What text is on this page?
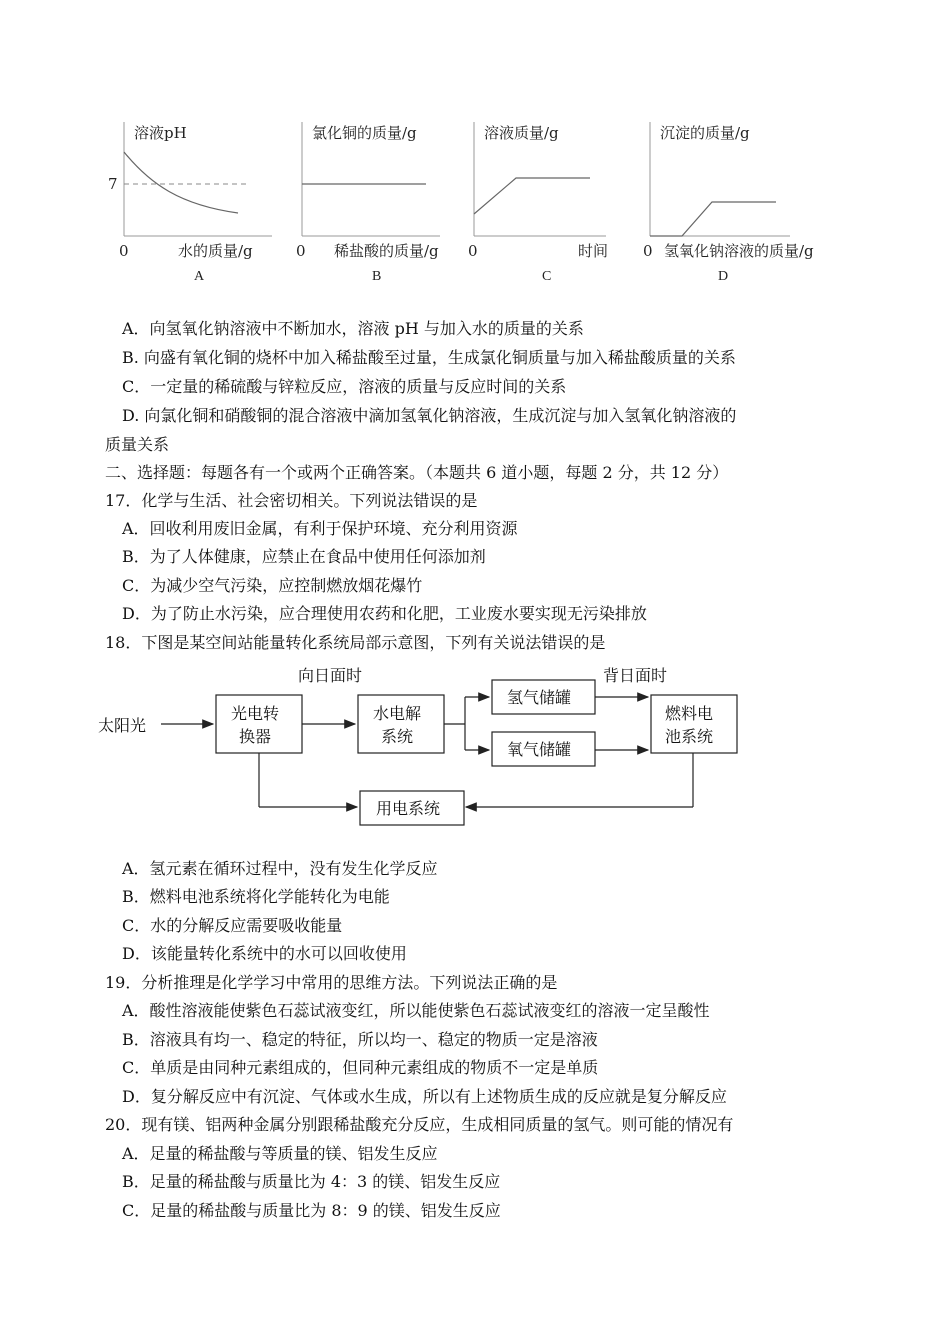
溶液pH
7
0	水的质量/g
A
氯化铜的质量/g
0 稀盐酸的质量/g
B
溶液质量/g
0	时间
C
沉淀的质量/g
0 氢氧化钠溶液的质量/g
D
A．向氢氧化钠溶液中不断加水，溶液 pH 与加入水的质量的关系
B. 向盛有氧化铜的烧杯中加入稀盐酸至过量，生成氯化铜质量与加入稀盐酸质量的关系
C．一定量的稀硫酸与锌粒反应，溶液的质量与反应时间的关系
D. 向氯化铜和硝酸铜的混合溶液中滴加氢氧化钠溶液，生成沉淀与加入氢氧化钠溶液的
质量关系
二、选择题：每题各有一个或两个正确答案。（本题共 6 道小题，每题 2 分，共 12 分）
17．化学与生活、社会密切相关。下列说法错误的是
A．回收利用废旧金属，有利于保护环境、充分利用资源
B．为了人体健康，应禁止在食品中使用任何添加剂
C．为减少空气污染，应控制燃放烟花爆竹
D．为了防止水污染，应合理使用农药和化肥，工业废水要实现无污染排放
18．下图是某空间站能量转化系统局部示意图，下列有关说法错误的是
向日面时	背日面时
太阳光
光电转
换器
水电解
系统
氢气储罐
氧气储罐
燃料电
池系统
用电系统
A．氢元素在循环过程中，没有发生化学反应
B．燃料电池系统将化学能转化为电能
C．水的分解反应需要吸收能量
D．该能量转化系统中的水可以回收使用
19．分析推理是化学学习中常用的思维方法。下列说法正确的是
A．酸性溶液能使紫色石蕊试液变红，所以能使紫色石蕊试液变红的溶液一定呈酸性
B．溶液具有均一、稳定的特征，所以均一、稳定的物质一定是溶液
C．单质是由同种元素组成的，但同种元素组成的物质不一定是单质
D．复分解反应中有沉淀、气体或水生成，所以有上述物质生成的反应就是复分解反应
20．现有镁、铝两种金属分别跟稀盐酸充分反应，生成相同质量的氢气。则可能的情况有
A．足量的稀盐酸与等质量的镁、铝发生反应
B．足量的稀盐酸与质量比为 4：3 的镁、铝发生反应
C．足量的稀盐酸与质量比为 8：9 的镁、铝发生反应
